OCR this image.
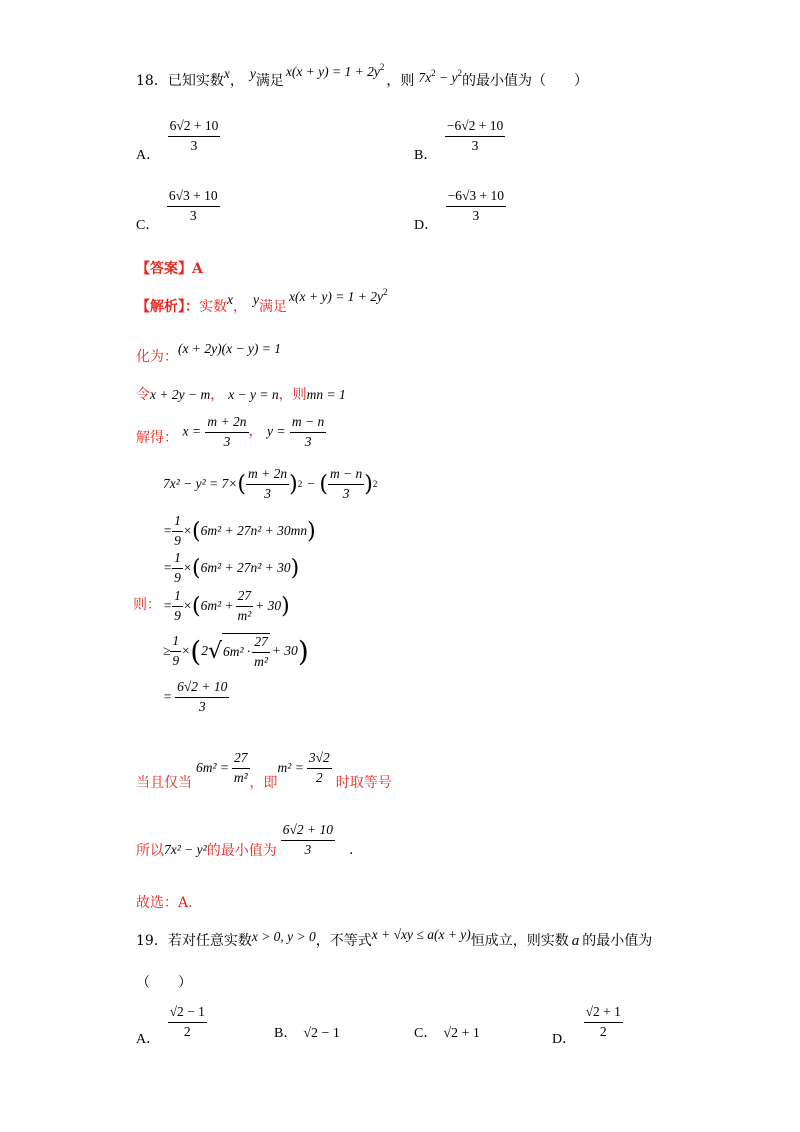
18．已知实数x， y满足$x(x + y) = 1 + 2y^2$，则 $7x^2 - y^2$的最小值为（　　）
A．
$\frac{6√2 + 10}{3}$
B．
$\frac{-6√2 + 10}{3}$
C．
$\frac{6√3 + 10}{3}$
D．
$\frac{-6√3 + 10}{3}$
【答案】A
【解析】：实数x， y满足$x(x + y) = 1 + 2y^2$
化为：(x + 2y)(x − y) = 1
令x + 2y − m， x − y = n，则mn = 1
解得： $x = \frac{m + 2n}{3}$ ， $y = \frac{m - n}{3}$
7x² − y² = 7× ( $\frac{m + 2n}{3}$ ) 2 − ( $\frac{m - n}{3}$ ) 2
= $\frac{1}{9}$ × ( 6m² + 27n² + 30mn )
= $\frac{1}{9}$ × ( 6m² + 27n² + 30 )
则： = $\frac{1}{9}$ × ( $6m^2 + \frac{27}{\text{m²}} + 30$ )
≥ $\frac{1}{9}$ × ( 2 √ $6m^2 \cdot \frac{27}{\text{m²}} + 30$ )
= $\frac{6√2 + 10}{3}$
当且仅当
$6m^2 = \frac{27}{\text{m²}}$ ，即
$m^2 = \frac{3√2}{2}$ 时取等号
所以 7x² − y² 的最小值为 $\frac{6√2 + 10}{3}$ .
故选：A.
19．若对任意实数x > 0, y > 0，不等式x + √xy ≤ a(x + y)恒成立，则实数 a 的最小值为
（　　）
A．
$\frac{√2 - 1}{2}$	B． √2 − 1	C． √2 + 1	D．
$\frac{√2 + 1}{2}$
